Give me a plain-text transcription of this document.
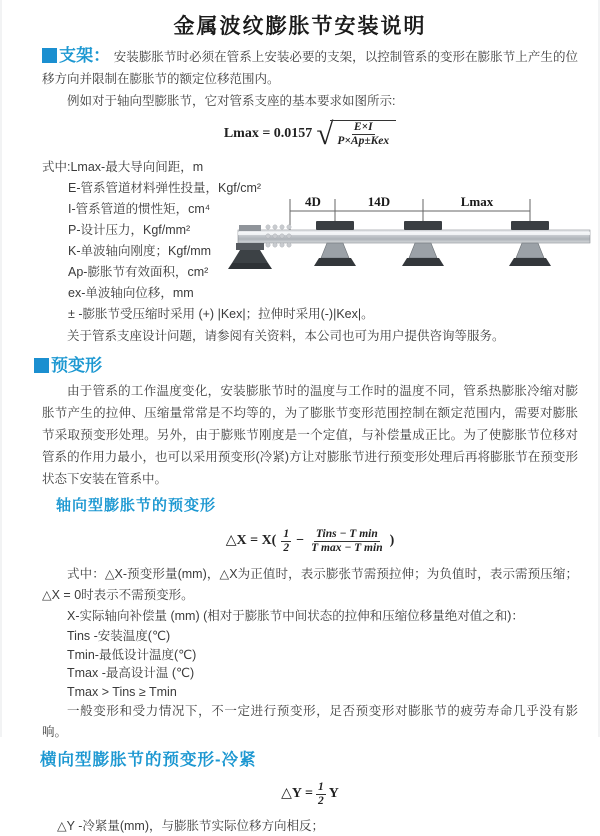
金属波纹膨胀节安装说明

支架： 安装膨胀节时必须在管系上安装必要的支架，以控制管系的变形在膨胀节上产生的位移方向并限制在膨胀节的额定位移范围内。

例如对于轴向型膨胀节，它对管系支座的基本要求如图所示:

Lmax = 0.0157 √ E×I
P×Ap±Kex
式中:Lmax-最大导向间距，m
E-管系管道材料弹性投量，Kgf/cm²
I-管系管道的惯性矩，cm⁴
P-设计压力，Kgf/mm²
K-单波轴向刚度；Kgf/mm
Ap-膨胀节有效面积，cm²
ex-单波轴向位移，mm
± -膨胀节受压缩时采用 (+) |Kex|；拉伸时采用(-)|Kex|。
4D	14D	Lmax

关于管系支座设计问题，请参阅有关资料，本公司也可为用户提供咨询等服务。

预变形

由于管系的工作温度变化，安装膨胀节时的温度与工作时的温度不同，管系热膨胀冷缩对膨胀节产生的拉伸、压缩量常常是不均等的，为了膨胀节变形范围控制在额定范围内，需要对膨胀节采取预变形处理。另外，由于膨账节刚度是一个定值，与补偿量成正比。为了使膨胀节位移对管系的作用力最小，也可以采用预变形(冷紧)方让对膨胀节进行预变形处理后再将膨胀节在预变形状态下安装在管系中。

轴向型膨胀节的预变形
△X = $X( \frac{1}{2} - \frac{\text{Tins − T min}}{\text{T max − T min}}$ )

式中：△X-预变形量(mm)，△X为正值时，表示膨张节需预拉伸；为负值时，表示需预压缩；△X = 0时表示不需预变形。

X-实际轴向补偿量 (mm) (相对于膨胀节中间状态的拉伸和压缩位移量绝对值之和)：
Tins -安装温度(℃)
Tmin-最低设计温度(℃)
Tmax -最高设计温 (℃)
Tmax > Tins ≥ Tmin

一般变形和受力情况下，不一定进行预变形，足否预变形对膨胀节的疲劳寿命几乎没有影响。

横向型膨胀节的预变形-冷紧
△Y = $\frac{1}{2}$ Y
△Y -冷紧量(mm)，与膨胀节实际位移方向相反；
